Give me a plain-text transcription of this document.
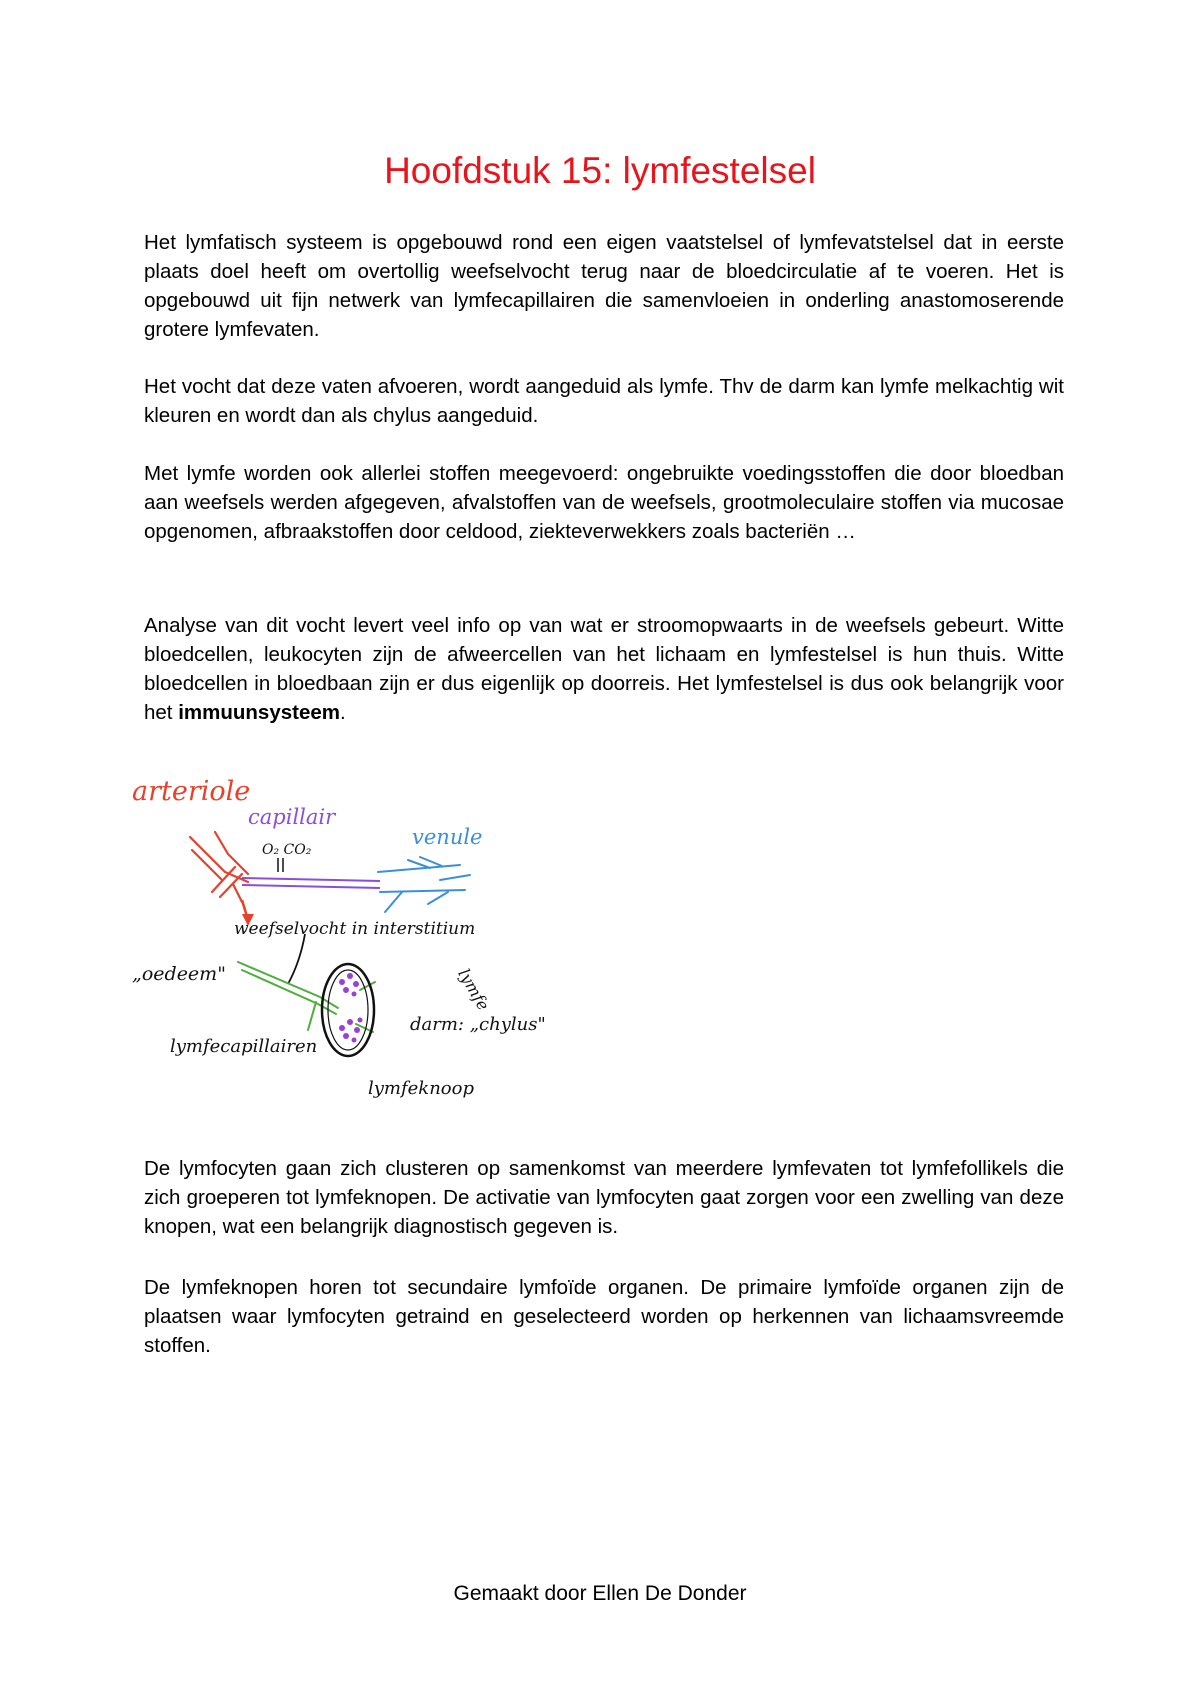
Hoofdstuk 15: lymfestelsel

Het lymfatisch systeem is opgebouwd rond een eigen vaatstelsel of lymfevatstelsel dat in eerste plaats doel heeft om overtollig weefselvocht terug naar de bloedcirculatie af te voeren. Het is opgebouwd uit fijn netwerk van lymfecapillairen die samenvloeien in onderling anastomoserende grotere lymfevaten.

Het vocht dat deze vaten afvoeren, wordt aangeduid als lymfe. Thv de darm kan lymfe melkachtig wit kleuren en wordt dan als chylus aangeduid.

Met lymfe worden ook allerlei stoffen meegevoerd: ongebruikte voedingsstoffen die door bloedban aan weefsels werden afgegeven, afvalstoffen van de weefsels, grootmoleculaire stoffen via mucosae opgenomen, afbraakstoffen door celdood, ziekteverwekkers zoals bacteriën …

Analyse van dit vocht levert veel info op van wat er stroomopwaarts in de weefsels gebeurt. Witte bloedcellen, leukocyten zijn de afweercellen van het lichaam en lymfestelsel is hun thuis. Witte bloedcellen in bloedbaan zijn er dus eigenlijk op doorreis. Het lymfestelsel is dus ook belangrijk voor het immuunsysteem.

arteriole
capillair
venule
O₂ CO₂
weefselvocht in interstitium
„oedeem"	lymfe
darm: „chylus"
lymfecapillairen
lymfeknoop

De lymfocyten gaan zich clusteren op samenkomst van meerdere lymfevaten tot lymfefollikels die zich groeperen tot lymfeknopen. De activatie van lymfocyten gaat zorgen voor een zwelling van deze knopen, wat een belangrijk diagnostisch gegeven is.

De lymfeknopen horen tot secundaire lymfoïde organen. De primaire lymfoïde organen zijn de plaatsen waar lymfocyten getraind en geselecteerd worden op herkennen van lichaamsvreemde stoffen.

Gemaakt door Ellen De Donder
